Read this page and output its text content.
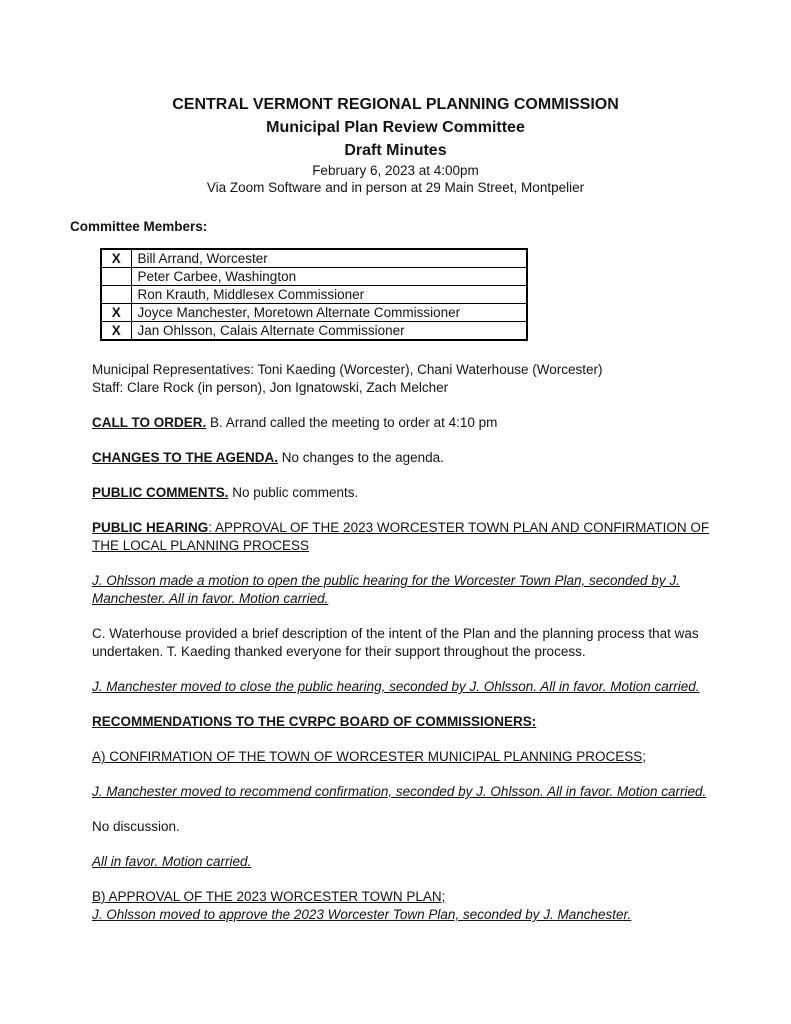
CENTRAL VERMONT REGIONAL PLANNING COMMISSION
Municipal Plan Review Committee
Draft Minutes
February 6, 2023 at 4:00pm
Via Zoom Software and in person at 29 Main Street, Montpelier
Committee Members:
X	Bill Arrand, Worcester
	Peter Carbee, Washington
	Ron Krauth, Middlesex Commissioner
X	Joyce Manchester, Moretown Alternate Commissioner
X	Jan Ohlsson, Calais Alternate Commissioner
Municipal Representatives: Toni Kaeding (Worcester), Chani Waterhouse (Worcester)
Staff: Clare Rock (in person), Jon Ignatowski, Zach Melcher
CALL TO ORDER. B. Arrand called the meeting to order at 4:10 pm
CHANGES TO THE AGENDA. No changes to the agenda.
PUBLIC COMMENTS. No public comments.
PUBLIC HEARING: APPROVAL OF THE 2023 WORCESTER TOWN PLAN AND CONFIRMATION OF THE LOCAL PLANNING PROCESS
J. Ohlsson made a motion to open the public hearing for the Worcester Town Plan, seconded by J. Manchester. All in favor. Motion carried.
C. Waterhouse provided a brief description of the intent of the Plan and the planning process that was undertaken. T. Kaeding thanked everyone for their support throughout the process.
J. Manchester moved to close the public hearing, seconded by J. Ohlsson. All in favor. Motion carried.
RECOMMENDATIONS TO THE CVRPC BOARD OF COMMISSIONERS:
A) CONFIRMATION OF THE TOWN OF WORCESTER MUNICIPAL PLANNING PROCESS;
J. Manchester moved to recommend confirmation, seconded by J. Ohlsson. All in favor. Motion carried.
No discussion.
All in favor. Motion carried.
B) APPROVAL OF THE 2023 WORCESTER TOWN PLAN;
J. Ohlsson moved to approve the 2023 Worcester Town Plan, seconded by J. Manchester.
